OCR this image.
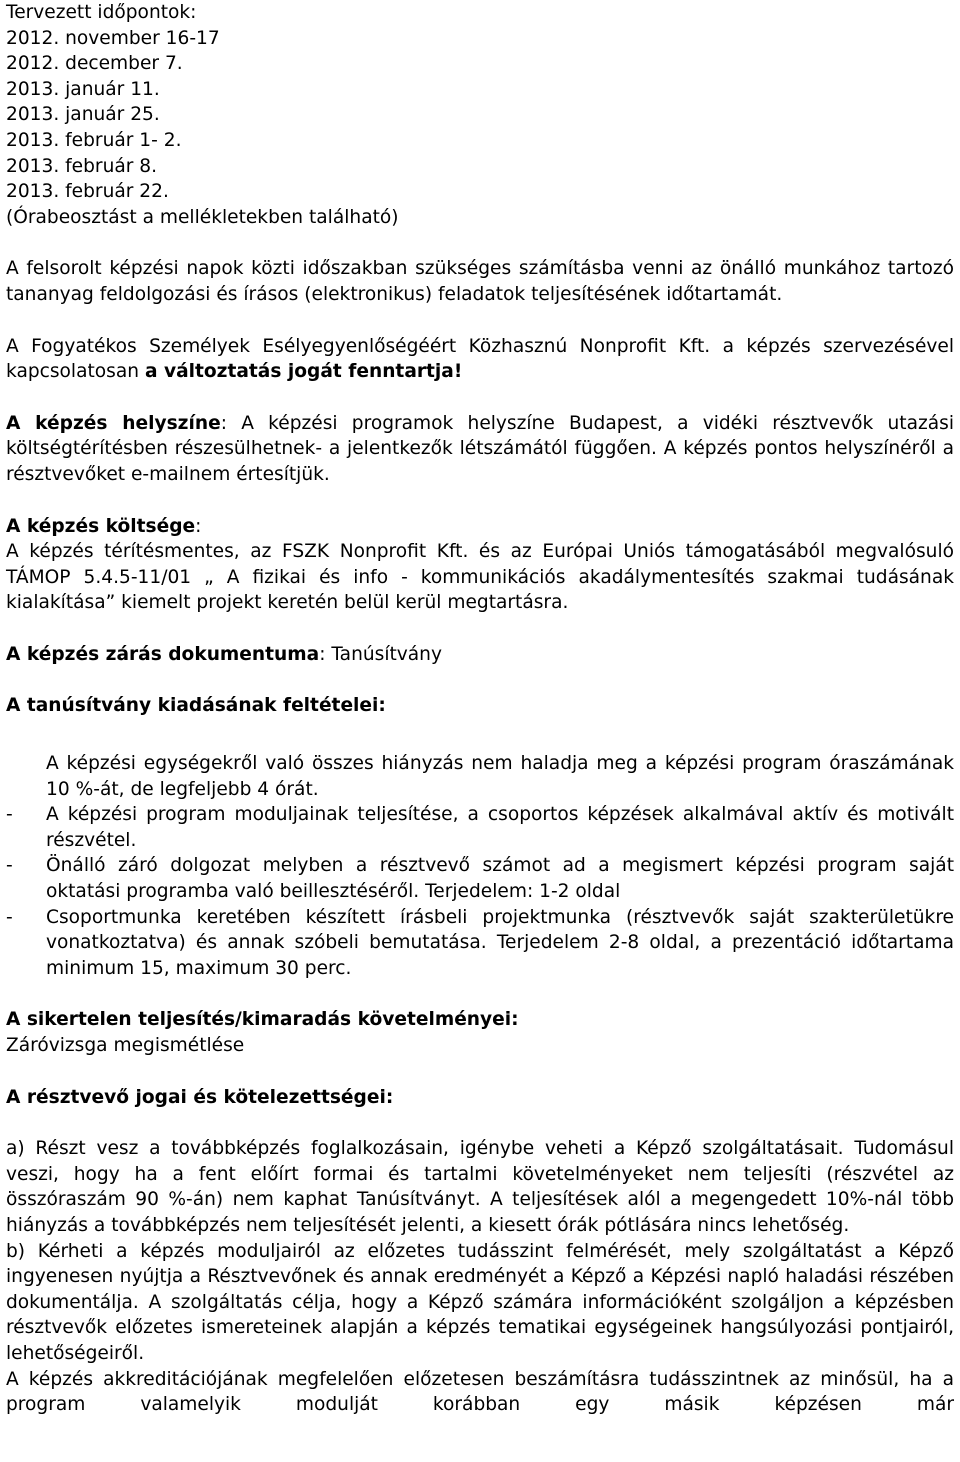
Tervezett időpontok:

2012. november 16-17

2012. december 7.

2013. január 11.

2013. január 25.

2013. február 1- 2.

2013. február 8.

2013. február 22.

(Órabeosztást a mellékletekben található)

A felsorolt képzési napok közti időszakban szükséges számításba venni az önálló munkához tartozó tananyag feldolgozási és írásos (elektronikus) feladatok teljesítésének időtartamát.

A Fogyatékos Személyek Esélyegyenlőségéért Közhasznú Nonprofit Kft. a képzés szervezésével kapcsolatosan a változtatás jogát fenntartja!

A képzés helyszíne: A képzési programok helyszíne Budapest, a vidéki résztvevők utazási költségtérítésben részesülhetnek- a jelentkezők létszámától függően. A képzés pontos helyszínéről a résztvevőket e-mailnem értesítjük.

A képzés költsége:

A képzés térítésmentes, az FSZK Nonprofit Kft. és az Európai Uniós támogatásából megvalósuló TÁMOP 5.4.5-11/01 „ A fizikai és info - kommunikációs akadálymentesítés szakmai tudásának kialakítása” kiemelt projekt keretén belül kerül megtartásra.

A képzés zárás dokumentuma: Tanúsítvány

A tanúsítvány kiadásának feltételei:

A képzési egységekről való összes hiányzás nem haladja meg a képzési program óraszámának 10 %-át, de legfeljebb 4 órát.

-	A képzési program moduljainak teljesítése, a csoportos képzések alkalmával aktív és motivált részvétel.
-	Önálló záró dolgozat melyben a résztvevő számot ad a megismert képzési program saját oktatási programba való beillesztéséről. Terjedelem: 1-2 oldal
-	Csoportmunka keretében készített írásbeli projektmunka (résztvevők saját szakterületükre vonatkoztatva) és annak szóbeli bemutatása. Terjedelem 2-8 oldal, a prezentáció időtartama minimum 15, maximum 30 perc.

A sikertelen teljesítés/kimaradás követelményei:

Záróvizsga megismétlése

A résztvevő jogai és kötelezettségei:

a) Részt vesz a továbbképzés foglalkozásain, igénybe veheti a Képző szolgáltatásait. Tudomásul veszi, hogy ha a fent előírt formai és tartalmi követelményeket nem teljesíti (részvétel az összóraszám 90 %-án) nem kaphat Tanúsítványt. A teljesítések alól a megengedett 10%-nál több hiányzás a továbbképzés nem teljesítését jelenti, a kiesett órák pótlására nincs lehetőség.

b) Kérheti a képzés moduljairól az előzetes tudásszint felmérését, mely szolgáltatást a Képző ingyenesen nyújtja a Résztvevőnek és annak eredményét a Képző a Képzési napló haladási részében dokumentálja. A szolgáltatás célja, hogy a Képző számára információként szolgáljon a képzésben résztvevők előzetes ismereteinek alapján a képzés tematikai egységeinek hangsúlyozási pontjairól, lehetőségeiről.

A képzés akkreditációjának megfelelően előzetesen beszámításra tudásszintnek az minősül, ha a program valamelyik modulját korábban egy másik képzésen már
